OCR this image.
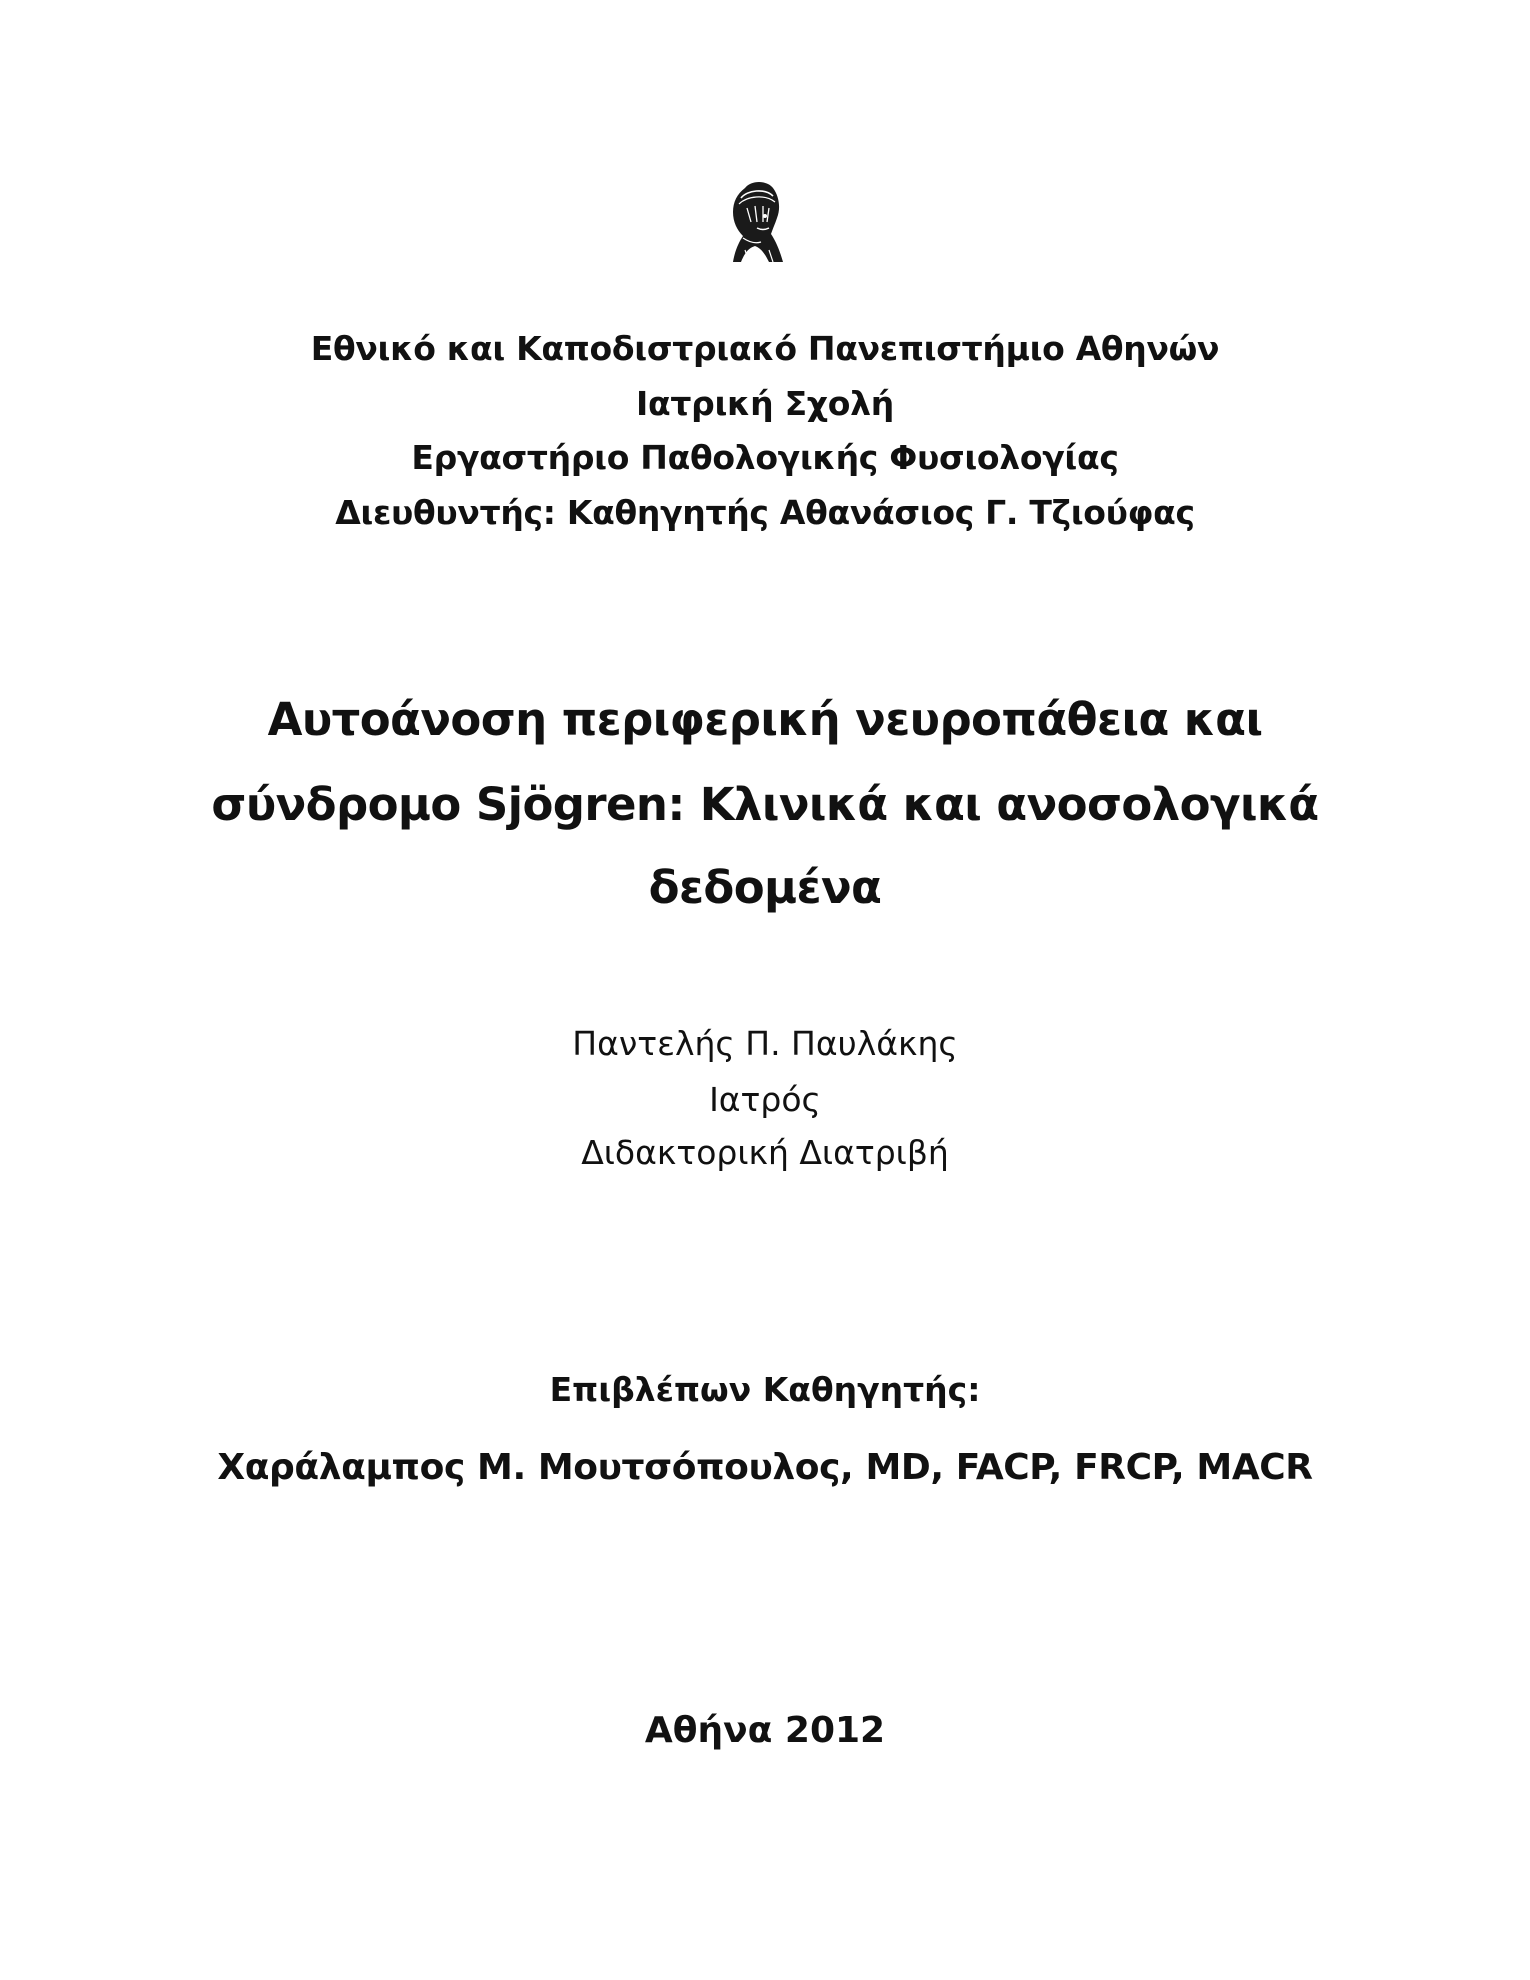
Εθνικό και Καποδιστριακό Πανεπιστήμιο Αθηνών
Ιατρική Σχολή
Εργαστήριο Παθολογικής Φυσιολογίας
Διευθυντής: Καθηγητής Αθανάσιος Γ. Τζιούφας
Αυτοάνοση περιφερική νευροπάθεια και
σύνδρομο Sjögren: Κλινικά και ανοσολογικά
δεδομένα
Παντελής Π. Παυλάκης
Ιατρός
Διδακτορική Διατριβή
Επιβλέπων Καθηγητής:
Χαράλαμπος Μ. Μουτσόπουλος, MD, FACP, FRCP, MACR
Αθήνα 2012
